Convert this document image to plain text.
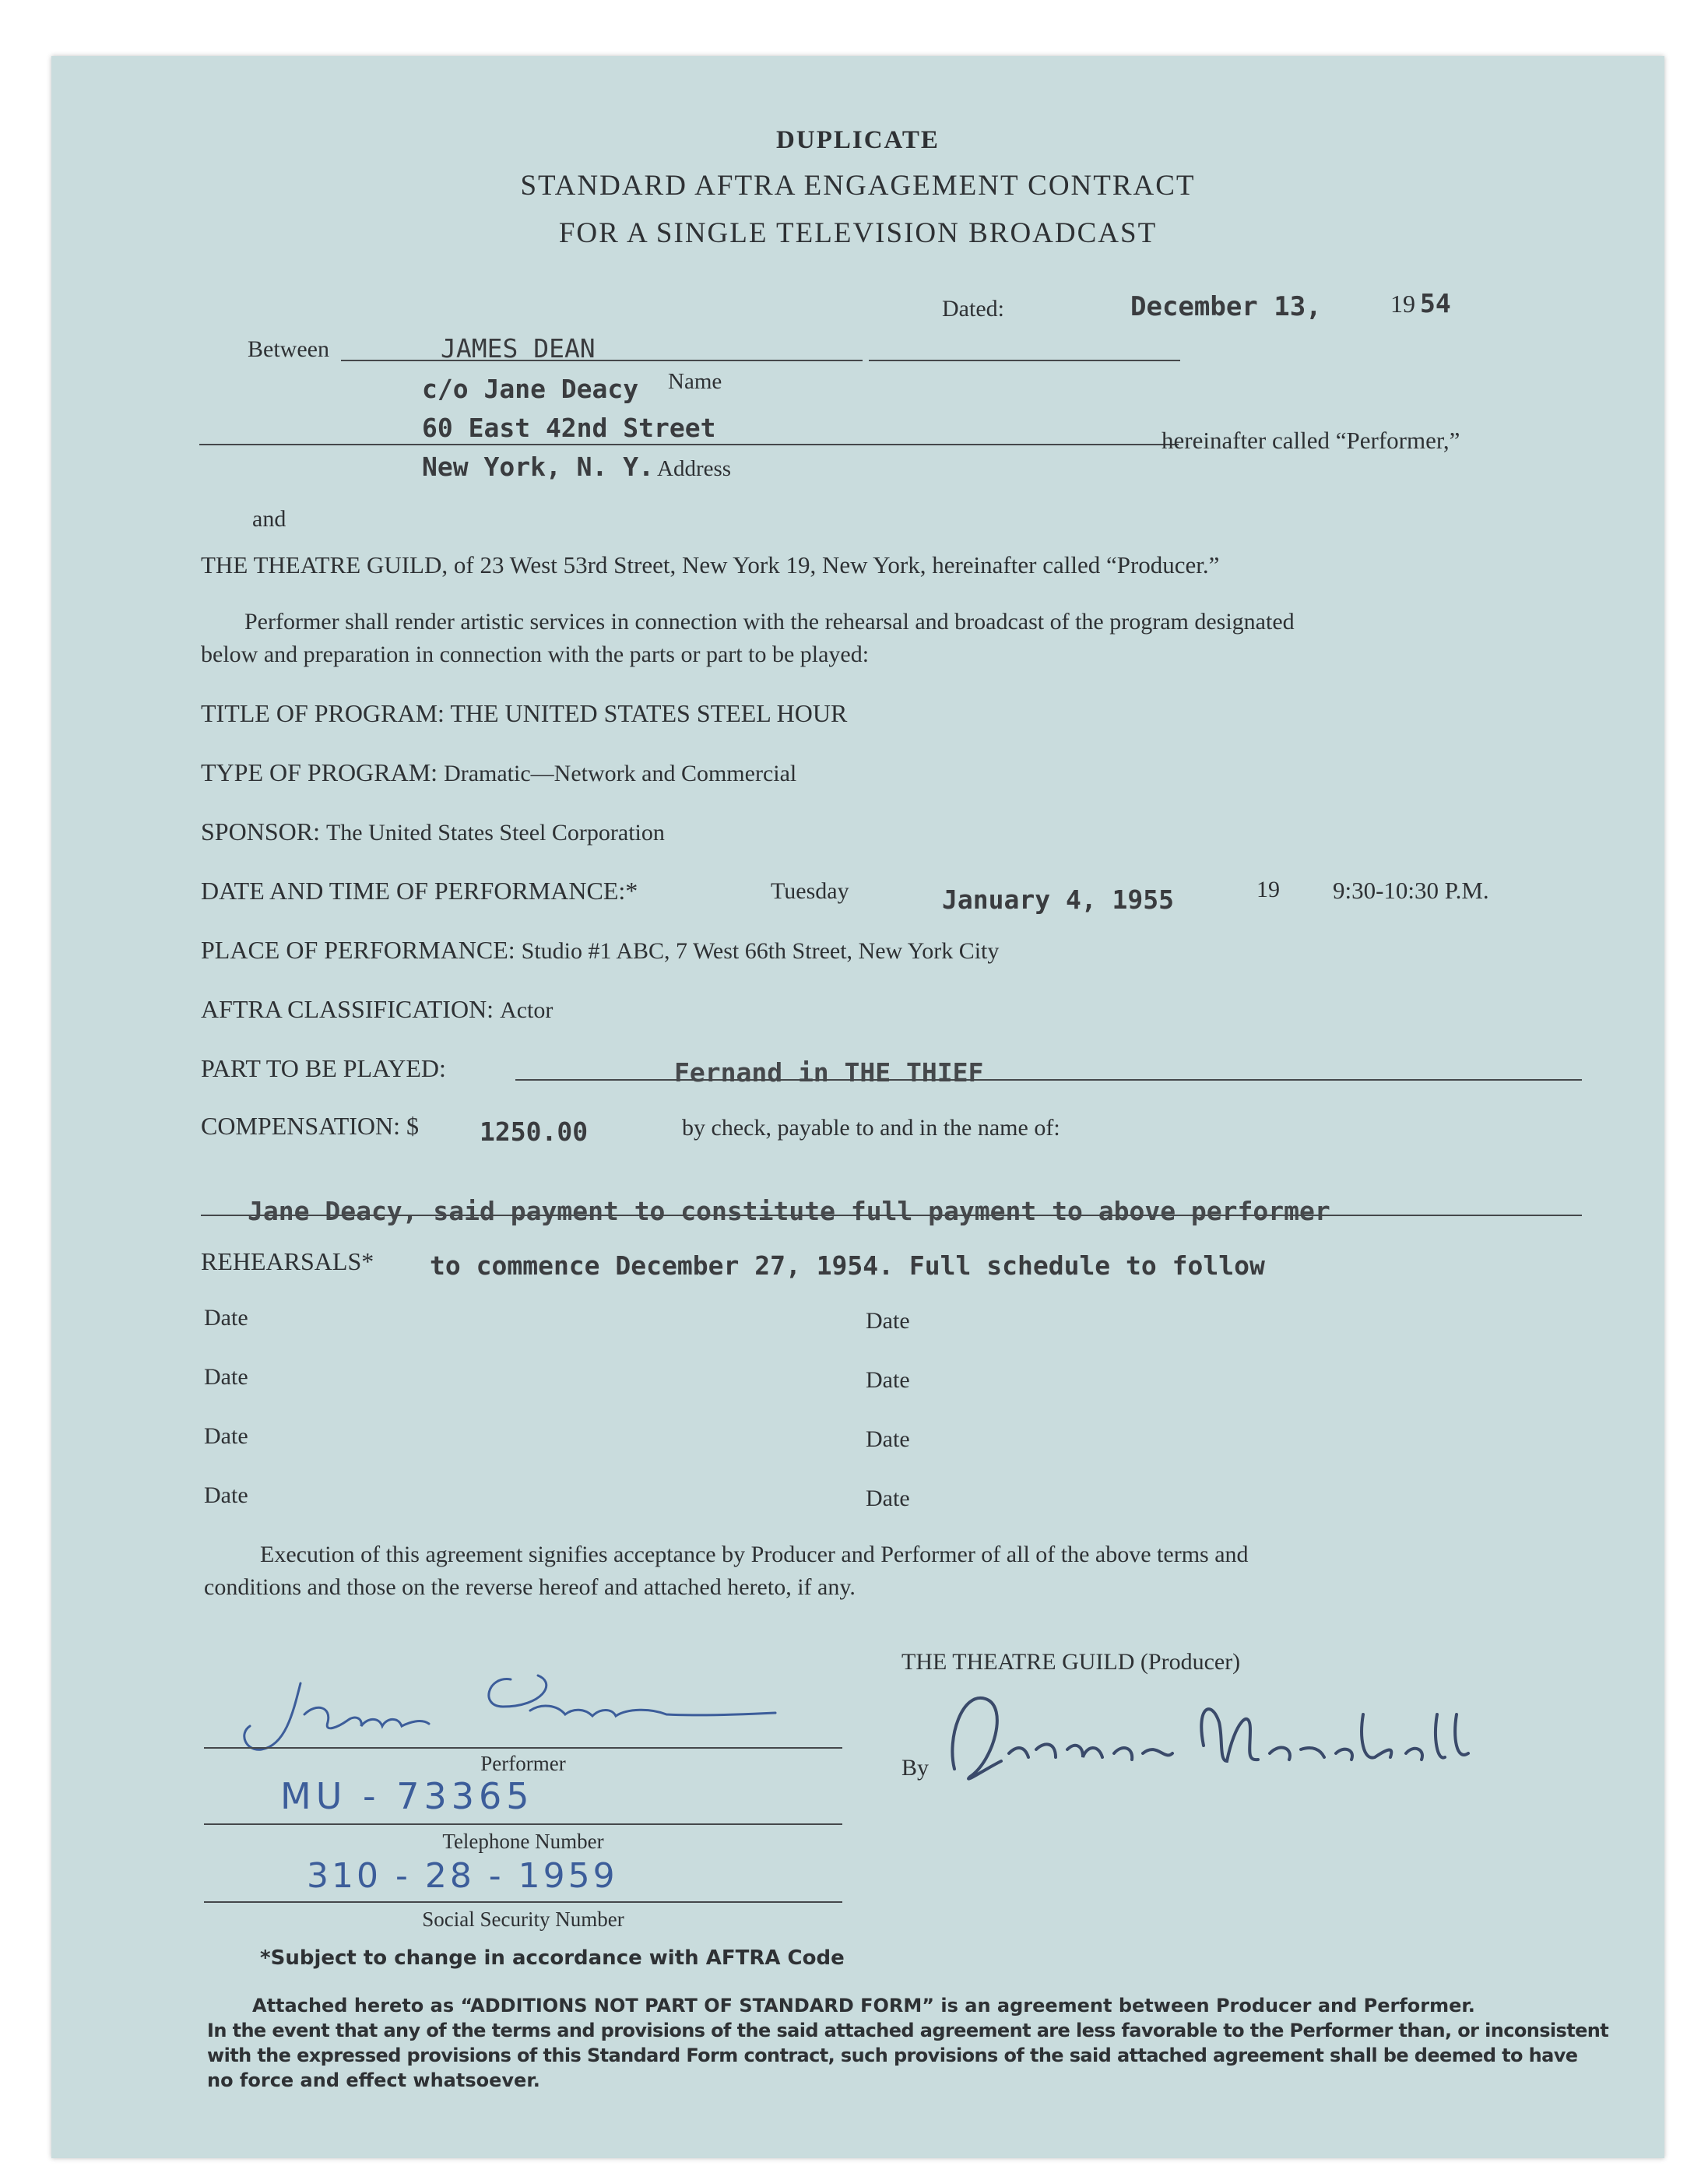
DUPLICATE
STANDARD AFTRA ENGAGEMENT CONTRACT
FOR A SINGLE TELEVISION BROADCAST
Dated:	December 13,	19 54
Between	JAMES DEAN
c/o Jane Deacy Name
60 East 42nd Street	hereinafter called “Performer,”
New York, N. Y. Address
and
THE THEATRE GUILD, of 23 West 53rd Street, New York 19, New York, hereinafter called “Producer.”
Performer shall render artistic services in connection with the rehearsal and broadcast of the program designated
below and preparation in connection with the parts or part to be played:
TITLE OF PROGRAM: THE UNITED STATES STEEL HOUR
TYPE OF PROGRAM: Dramatic—Network and Commercial
SPONSOR: The United States Steel Corporation
DATE AND TIME OF PERFORMANCE:*	Tuesday	January 4, 1955	19 9:30-10:30 P.M.
PLACE OF PERFORMANCE: Studio #1 ABC, 7 West 66th Street, New York City
AFTRA CLASSIFICATION: Actor
PART TO BE PLAYED:	Fernand in THE THIEF
COMPENSATION: $ 1250.00	by check, payable to and in the name of:
Jane Deacy, said payment to constitute full payment to above performer
REHEARSALS* to commence December 27, 1954. Full schedule to follow
Date	Date
Date	Date
Date	Date
Date	Date
Execution of this agreement signifies acceptance by Producer and Performer of all of the above terms and
conditions and those on the reverse hereof and attached hereto, if any.
THE THEATRE GUILD (Producer)
By
Performer
MU - 73365
Telephone Number
310 - 28 - 1959
Social Security Number
*Subject to change in accordance with AFTRA Code
Attached hereto as “ADDITIONS NOT PART OF STANDARD FORM” is an agreement between Producer and Performer.
In the event that any of the terms and provisions of the said attached agreement are less favorable to the Performer than, or inconsistent
with the expressed provisions of this Standard Form contract, such provisions of the said attached agreement shall be deemed to have
no force and effect whatsoever.
